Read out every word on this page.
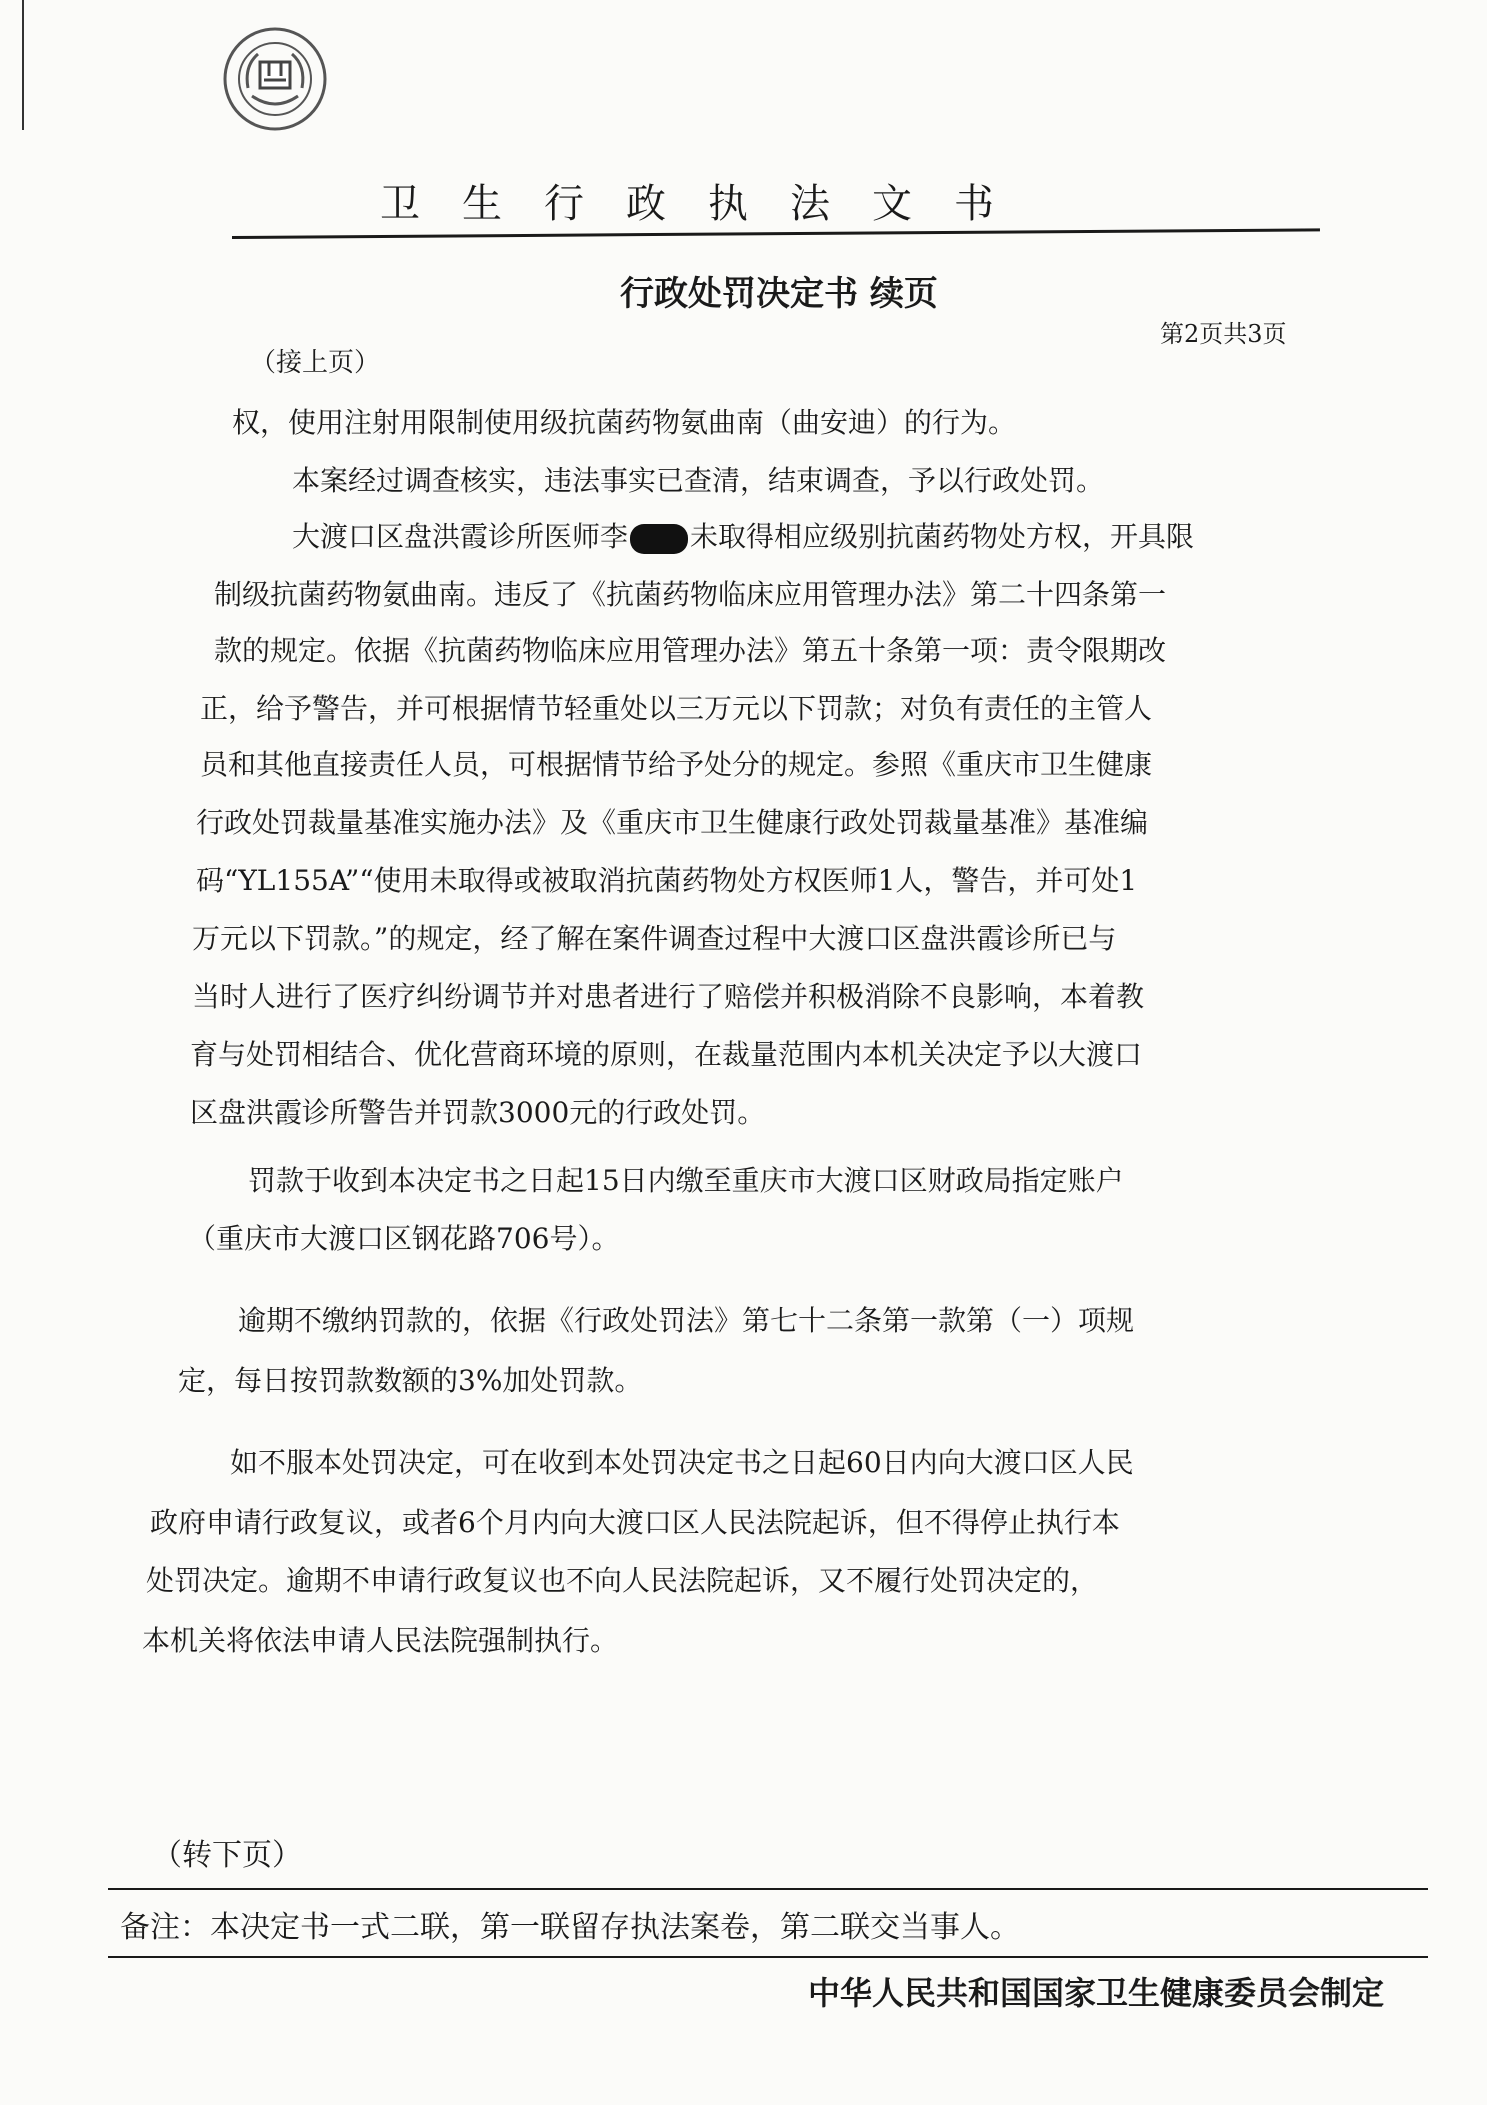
卫生行政执法文书
行政处罚决定书 续页
第2页共3页
（接上页）
权，使用注射用限制使用级抗菌药物氨曲南（曲安迪）的行为。
本案经过调查核实，违法事实已查清，结束调查，予以行政处罚。
大渡口区盘洪霞诊所医师李 未取得相应级别抗菌药物处方权，开具限
制级抗菌药物氨曲南。违反了《抗菌药物临床应用管理办法》第二十四条第一
款的规定。依据《抗菌药物临床应用管理办法》第五十条第一项：责令限期改
正，给予警告，并可根据情节轻重处以三万元以下罚款；对负有责任的主管人
员和其他直接责任人员，可根据情节给予处分的规定。参照《重庆市卫生健康
行政处罚裁量基准实施办法》及《重庆市卫生健康行政处罚裁量基准》基准编
码“YL155A”“使用未取得或被取消抗菌药物处方权医师1人，警告，并可处1
万元以下罚款。”的规定，经了解在案件调查过程中大渡口区盘洪霞诊所已与
当时人进行了医疗纠纷调节并对患者进行了赔偿并积极消除不良影响，本着教
育与处罚相结合、优化营商环境的原则，在裁量范围内本机关决定予以大渡口
区盘洪霞诊所警告并罚款3000元的行政处罚。
罚款于收到本决定书之日起15日内缴至重庆市大渡口区财政局指定账户
（重庆市大渡口区钢花路706号）。
逾期不缴纳罚款的，依据《行政处罚法》第七十二条第一款第（一）项规
定，每日按罚款数额的3%加处罚款。
如不服本处罚决定，可在收到本处罚决定书之日起60日内向大渡口区人民
政府申请行政复议，或者6个月内向大渡口区人民法院起诉，但不得停止执行本
处罚决定。逾期不申请行政复议也不向人民法院起诉，又不履行处罚决定的，
本机关将依法申请人民法院强制执行。
（转下页）
备注：本决定书一式二联，第一联留存执法案卷，第二联交当事人。
中华人民共和国国家卫生健康委员会制定
